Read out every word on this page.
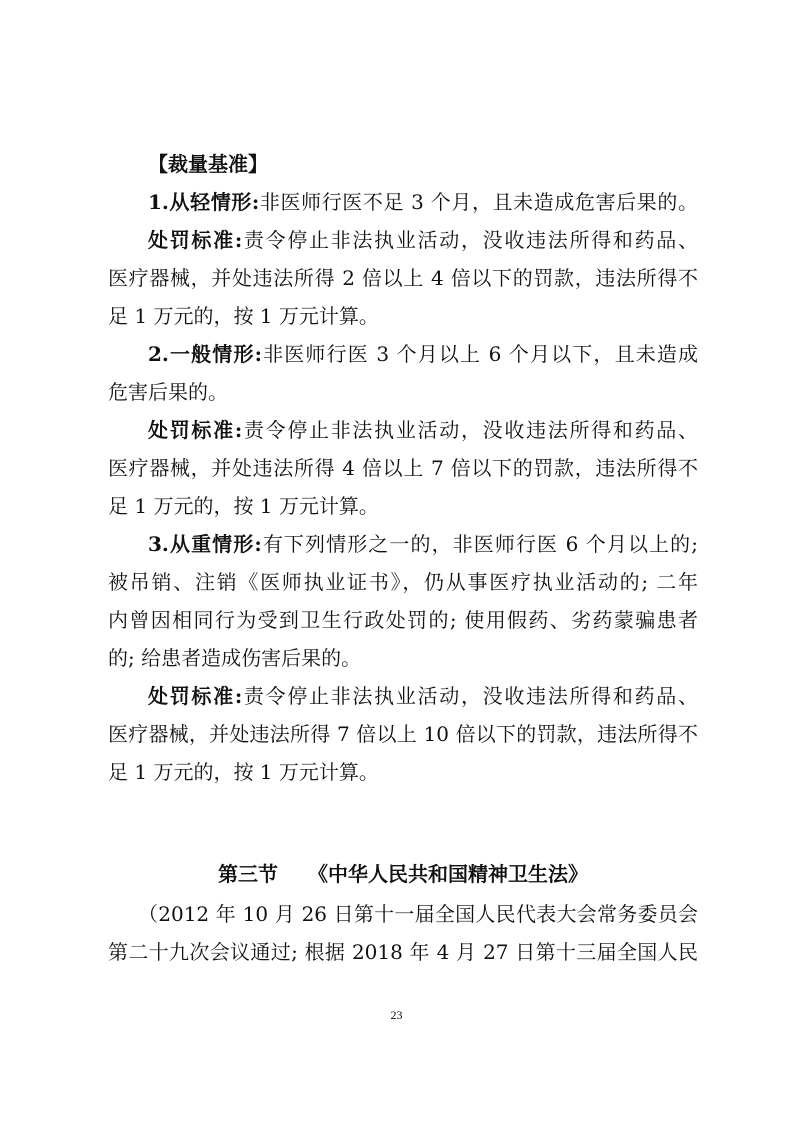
【裁量基准】
1.从轻情形:非医师行医不足 3 个月，且未造成危害后果的。
处罚标准:责令停止非法执业活动，没收违法所得和药品、
医疗器械，并处违法所得 2 倍以上 4 倍以下的罚款，违法所得不
足 1 万元的，按 1 万元计算。
2.一般情形:非医师行医 3 个月以上 6 个月以下，且未造成
危害后果的。
处罚标准:责令停止非法执业活动，没收违法所得和药品、
医疗器械，并处违法所得 4 倍以上 7 倍以下的罚款，违法所得不
足 1 万元的，按 1 万元计算。
3.从重情形:有下列情形之一的，非医师行医 6 个月以上的;
被吊销、注销《医师执业证书》，仍从事医疗执业活动的; 二年
内曾因相同行为受到卫生行政处罚的; 使用假药、劣药蒙骗患者
的; 给患者造成伤害后果的。
处罚标准:责令停止非法执业活动，没收违法所得和药品、
医疗器械，并处违法所得 7 倍以上 10 倍以下的罚款，违法所得不
足 1 万元的，按 1 万元计算。
第三节 《中华人民共和国精神卫生法》
（2012 年 10 月 26 日第十一届全国人民代表大会常务委员会
第二十九次会议通过; 根据 2018 年 4 月 27 日第十三届全国人民
23
